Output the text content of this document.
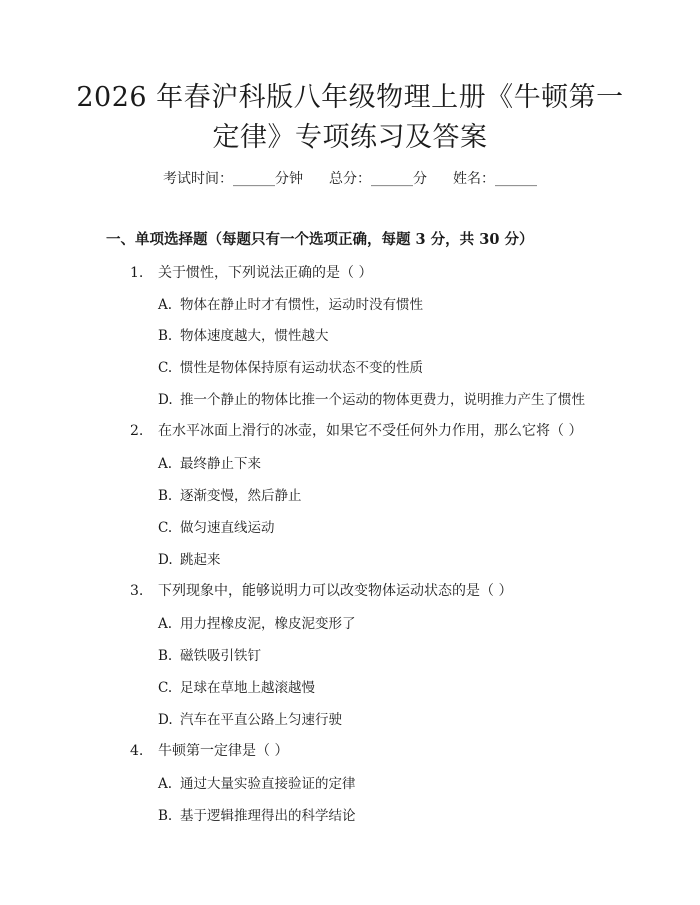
2026 年春沪科版八年级物理上册《牛顿第一
定律》专项练习及答案
考试时间：______分钟 总分：______分 姓名：______
一、单项选择题（每题只有一个选项正确，每题 3 分，共 30 分）
1. 关于惯性，下列说法正确的是（ ）
A. 物体在静止时才有惯性，运动时没有惯性
B. 物体速度越大，惯性越大
C. 惯性是物体保持原有运动状态不变的性质
D. 推一个静止的物体比推一个运动的物体更费力，说明推力产生了惯性
2. 在水平冰面上滑行的冰壶，如果它不受任何外力作用，那么它将（ ）
A. 最终静止下来
B. 逐渐变慢，然后静止
C. 做匀速直线运动
D. 跳起来
3. 下列现象中，能够说明力可以改变物体运动状态的是（ ）
A. 用力捏橡皮泥，橡皮泥变形了
B. 磁铁吸引铁钉
C. 足球在草地上越滚越慢
D. 汽车在平直公路上匀速行驶
4. 牛顿第一定律是（ ）
A. 通过大量实验直接验证的定律
B. 基于逻辑推理得出的科学结论
